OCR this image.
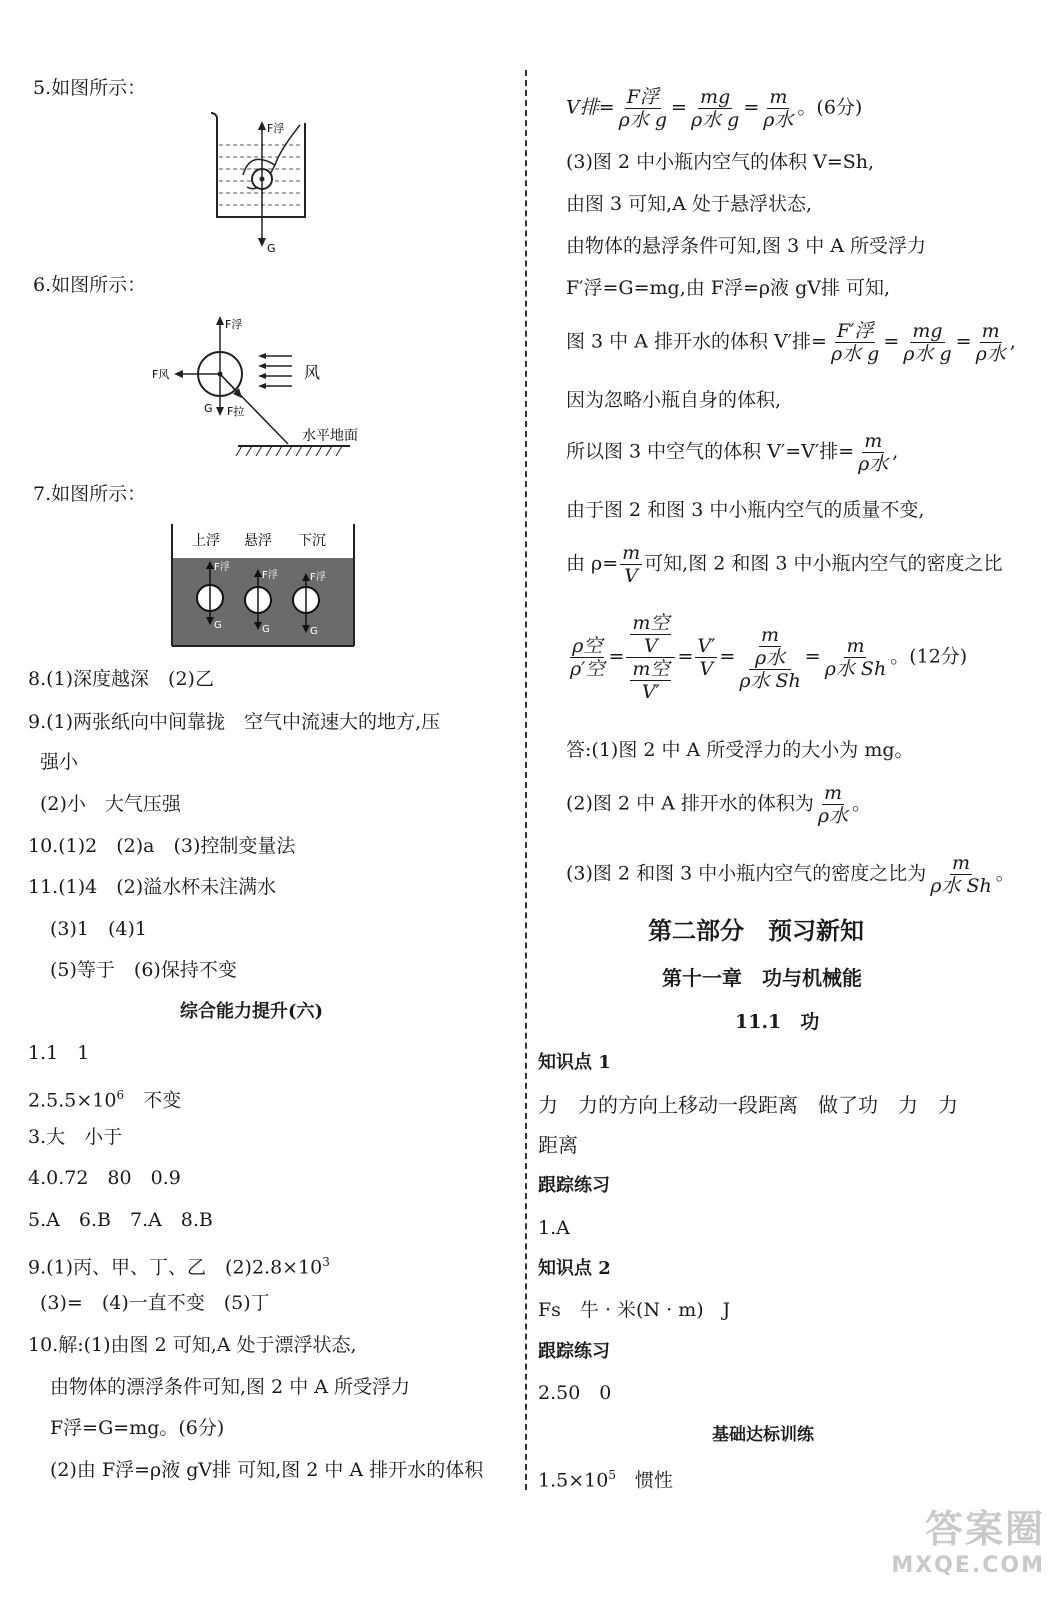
5.如图所示：
F浮
G
6.如图所示：
F浮
F风
G F拉
风
水平地面
7.如图所示：
上浮 悬浮 下沉
F浮
G
F浮
G
F浮
G
8.(1)深度越深　(2)乙
9.(1)两张纸向中间靠拢　空气中流速大的地方,压
强小
(2)小　大气压强
10.(1)2　(2)a　(3)控制变量法
11.(1)4　(2)溢水杯未注满水
(3)1　(4)1
(5)等于　(6)保持不变
综合能力提升(六)
1.1　1
$2.5.5\times 10^6$　不变
3.大　小于
4.0.72　80　0.9
5.A　6.B　7.A　8.B
9.(1)丙、甲、丁、乙　$(2)2.8\times 10^3$
(3)=　(4)一直不变　(5)丁
10.解:(1)由图 2 可知,A 处于漂浮状态,
由物体的漂浮条件可知,图 2 中 A 所受浮力
F浮=G=mg。(6分)
(2)由 F浮=ρ液 gV排 可知,图 2 中 A 排开水的体积
V排= $\frac{\text{F浮}}{\text{ρ水 g}} = \frac{mg}{\text{ρ水 g}} = \frac{m}{\text{ρ水}}$ 。(6分)
(3)图 2 中小瓶内空气的体积 V=Sh,
由图 3 可知,A 处于悬浮状态,
由物体的悬浮条件可知,图 3 中 A 所受浮力
F′浮=G=mg,由 F浮=ρ液 gV排 可知,
图 3 中 A 排开水的体积 V′排= $\frac{\text{F′浮}}{\text{ρ水 g}} = \frac{mg}{\text{ρ水 g}} = \frac{m}{\text{ρ水}}$ ,
因为忽略小瓶自身的体积,
所以图 3 中空气的体积 V′=V′排= $\frac{m}{\text{ρ水}}$ ,
由于图 2 和图 3 中小瓶内空气的质量不变,
由 $\rho= \frac{m}{V}$ 可知,图 2 和图 3 中小瓶内空气的密度之比
$\frac{\text{ρ空}}{\text{ρ′空}} = \frac{\frac{\text{m空}}{V}}{\frac{\text{m空}}{V'}} = \frac{V'}{V} = \frac{\frac{m}{\text{ρ水}}}{\text{ρ水 Sh}} = \frac{m}{\text{ρ水 Sh}}$ 。(12分)
答:(1)图 2 中 A 所受浮力的大小为 mg。
(2)图 2 中 A 排开水的体积为 $\frac{m}{\text{ρ水}}$ 。
(3)图 2 和图 3 中小瓶内空气的密度之比为 $\frac{m}{\text{ρ水 Sh}}$ 。
第二部分　预习新知
第十一章　功与机械能
11.1　功
知识点 1
力　力的方向上移动一段距离　做了功　力　力
距离
跟踪练习
1.A
知识点 2
Fs　牛 · 米(N · m)　J
跟踪练习
2.50　0
基础达标训练
$1.5\times 10^5$　惯性
答案圈
MXQE.COM
